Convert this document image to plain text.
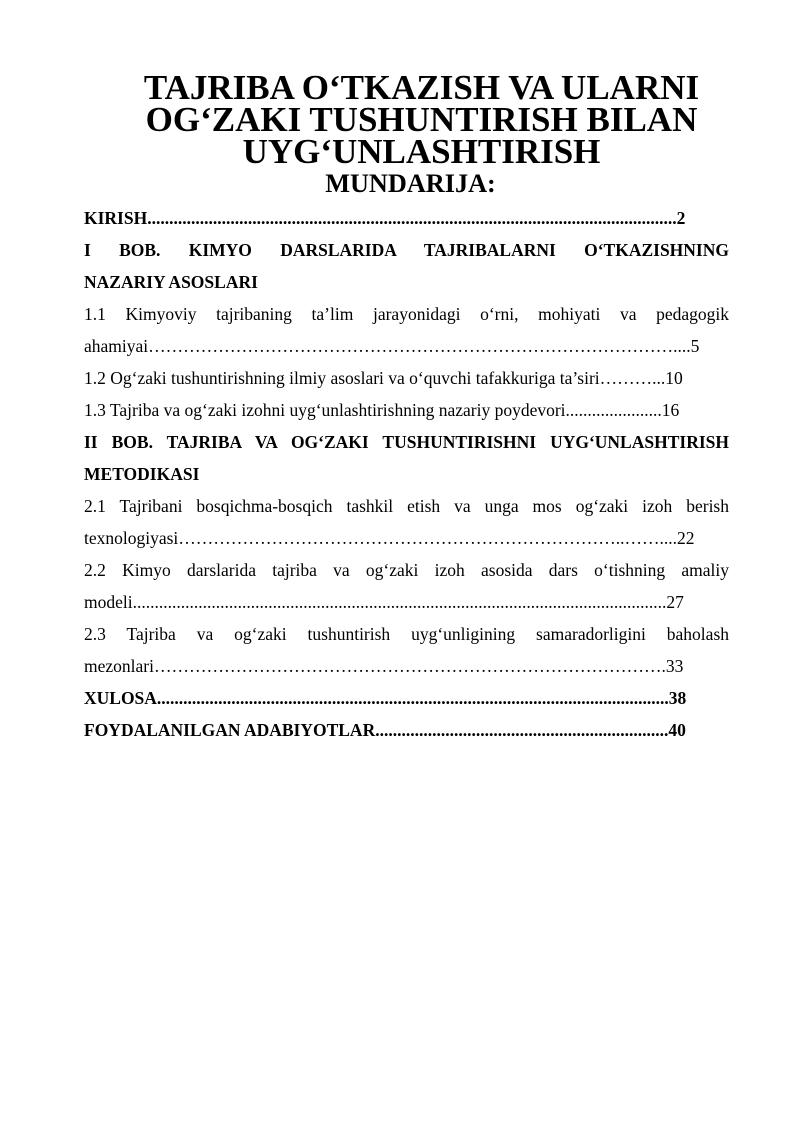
TAJRIBA O‘TKAZISH VA ULARNI OG‘ZAKI TUSHUNTIRISH BILAN
UYG‘UNLASHTIRISH
MUNDARIJA:

KIRISH.........................................................................................................................2

I BOB. KIMYO DARSLARIDA TAJRIBALARNI O‘TKAZISHNING
NAZARIY ASOSLARI

1.1 Kimyoviy tajribaning ta’lim jarayonidagi o‘rni, mohiyati va pedagogik
ahamiyai………………………………………………………………………………....5

1.2 Og‘zaki tushuntirishning ilmiy asoslari va o‘quvchi tafakkuriga ta’siri………...10

1.3 Tajriba va og‘zaki izohni uyg‘unlashtirishning nazariy poydevori......................16

II BOB. TAJRIBA VA OG‘ZAKI TUSHUNTIRISHNI UYG‘UNLASHTIRISH
METODIKASI

2.1 Tajribani bosqichma-bosqich tashkil etish va unga mos og‘zaki izoh berish
texnologiyasi…………………………………………………………………..……....22

2.2 Kimyo darslarida tajriba va og‘zaki izoh asosida dars o‘tishning amaliy
modeli..........................................................................................................................27

2.3 Tajriba va og‘zaki tushuntirish uyg‘unligining samaradorligini baholash
mezonlari…………………………………………………………………………….33

XULOSA.....................................................................................................................38

FOYDALANILGAN ADABIYOTLAR...................................................................40
